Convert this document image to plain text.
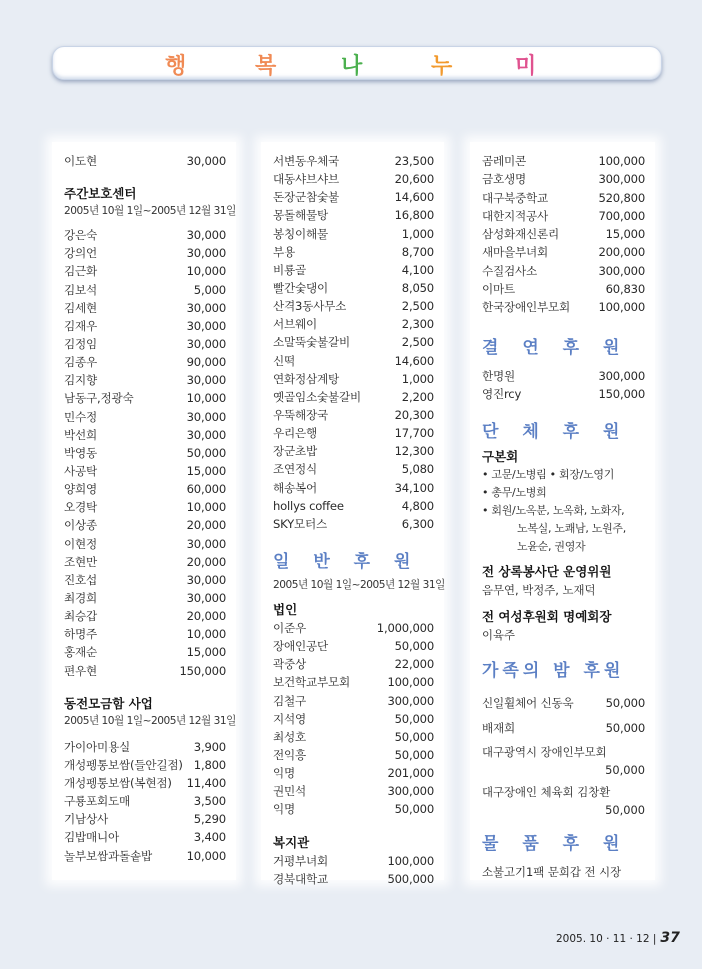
행	복	나	누	미
이도현	30,000
주간보호센터
2005년 10월 1일~2005년 12월 31일
강은숙	30,000
강의언	30,000
김근화	10,000
김보석	5,000
김세현	30,000
김재우	30,000
김정임	30,000
김종우	90,000
김지향	30,000
남동구,정광숙	10,000
민수정	30,000
박선희	30,000
박영동	50,000
사공탁	15,000
양희영	60,000
오경탁	10,000
이상종	20,000
이현정	30,000
조현만	20,000
진호섭	30,000
최경희	30,000
최승갑	20,000
하명주	10,000
홍재순	15,000
편우현	150,000
동전모금함 사업
2005년 10월 1일~2005년 12월 31일
가이아미용실	3,900
개성펭통보쌈(들안길점) 1,800
개성펭통보쌈(복현점) 11,400
구룡포회도매	3,500
기남상사	5,290
김밥매니아	3,400
놀부보쌈과돌솥밥	10,000
서변동우체국	23,500
대동샤브샤브	20,600
돈장군참숯불	14,600
몽돌해물탕	16,800
봉칭이해물	1,000
부용	8,700
비룡골	4,100
빨간숯댕이	8,050
산격3동사무소	2,500
서브웨이	2,300
소말뚝숯불갈비	2,500
신떡	14,600
연화정삼계탕	1,000
옛골임소숯불갈비	2,200
우뚝해장국	20,300
우리은행	17,700
장군초밥	12,300
조연정식	5,080
해송복어	34,100
hollys coffee	4,800
SKY모터스	6,300
일 반 후 원
2005년 10월 1일~2005년 12월 31일
법인
이준우	1,000,000
장애인공단	50,000
곽중상	22,000
보건학교부모회	100,000
김철구	300,000
지석영	50,000
최성호	50,000
전익흥	50,000
익명	201,000
권민석	300,000
익명	50,000
복지관
거평부녀회	100,000
경북대학교	500,000
곰레미콘	100,000
금호생명	300,000
대구북중학교	520,800
대한지적공사	700,000
삼성화재신론리	15,000
새마을부녀회	200,000
수질검사소	300,000
이마트	60,830
한국장애인부모회 100,000
결 연 후 원
한명원	300,000
영진rcy	150,000
단 체 후 원
구본회
• 고문/노병림 • 회장/노영기
• 총무/노병희
• 회원/노옥분, 노옥화, 노화자,
노복실, 노쾌남, 노원주,
노윤순, 권영자
전 상록봉사단 운영위원
음무연, 박정주, 노재덕
전 여성후원회 명예회장
이육주
가족의 밤 후원
신일휠체어 신동욱	50,000
배재희	50,000
대구광역시 장애인부모회
50,000
대구장애인 체육회 김창환
50,000
물 품 후 원
소불고기1팩 문희갑 전 시장
2005. 10 · 11 · 12 | 37
